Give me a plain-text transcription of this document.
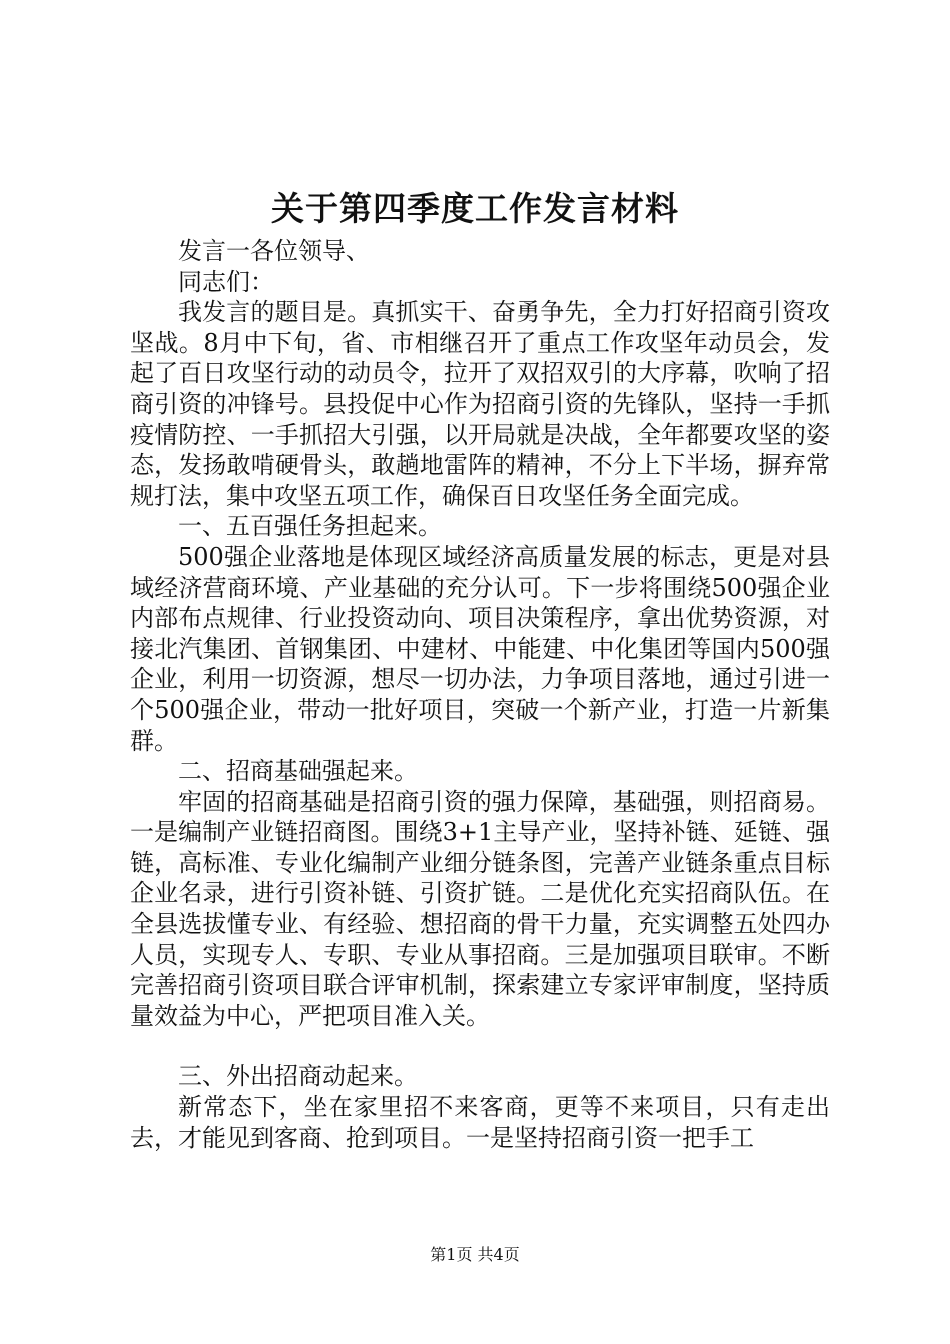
关于第四季度工作发言材料

发言一各位领导、

同志们：

我发言的题目是。真抓实干、奋勇争先，全力打好招商引资攻坚战。8月中下旬，省、市相继召开了重点工作攻坚年动员会，发起了百日攻坚行动的动员令，拉开了双招双引的大序幕，吹响了招商引资的冲锋号。县投促中心作为招商引资的先锋队，坚持一手抓疫情防控、一手抓招大引强，以开局就是决战，全年都要攻坚的姿态，发扬敢啃硬骨头，敢趟地雷阵的精神，不分上下半场，摒弃常规打法，集中攻坚五项工作，确保百日攻坚任务全面完成。

一、五百强任务担起来。

500强企业落地是体现区域经济高质量发展的标志，更是对县域经济营商环境、产业基础的充分认可。下一步将围绕500强企业内部布点规律、行业投资动向、项目决策程序，拿出优势资源，对接北汽集团、首钢集团、中建材、中能建、中化集团等国内500强企业，利用一切资源，想尽一切办法，力争项目落地，通过引进一个500强企业，带动一批好项目，突破一个新产业，打造一片新集群。

二、招商基础强起来。

牢固的招商基础是招商引资的强力保障，基础强，则招商易。一是编制产业链招商图。围绕3+1主导产业，坚持补链、延链、强链，高标准、专业化编制产业细分链条图，完善产业链条重点目标企业名录，进行引资补链、引资扩链。二是优化充实招商队伍。在全县选拔懂专业、有经验、想招商的骨干力量，充实调整五处四办人员，实现专人、专职、专业从事招商。三是加强项目联审。不断完善招商引资项目联合评审机制，探索建立专家评审制度，坚持质量效益为中心，严把项目准入关。

三、外出招商动起来。

新常态下，坐在家里招不来客商，更等不来项目，只有走出去，才能见到客商、抢到项目。一是坚持招商引资一把手工

第1页 共4页
